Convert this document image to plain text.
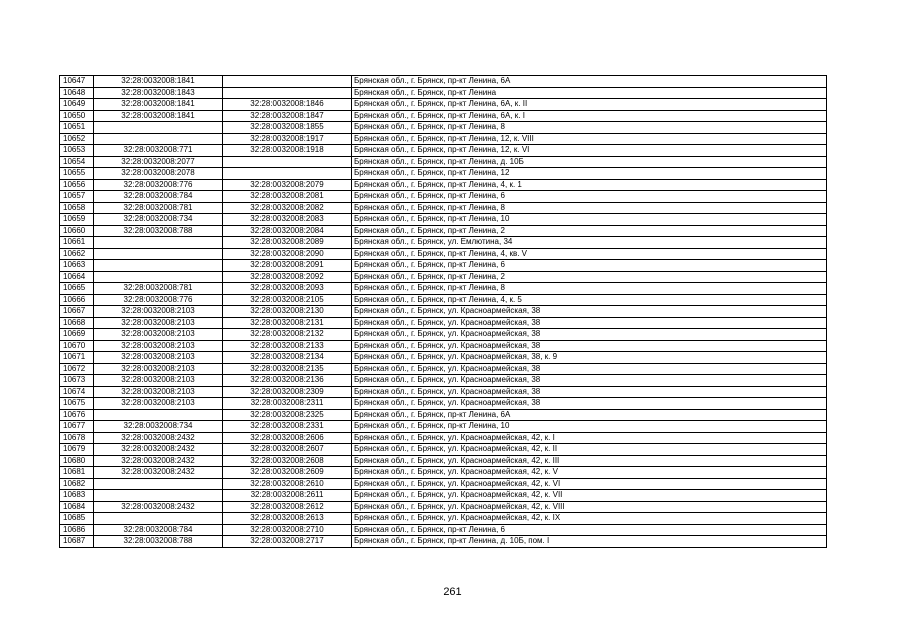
10647	32:28:0032008:1841		Брянская обл., г. Брянск, пр-кт Ленина, 6А
10648	32:28:0032008:1843		Брянская обл., г. Брянск, пр-кт Ленина
10649	32:28:0032008:1841	32:28:0032008:1846	Брянская обл., г. Брянск, пр-кт Ленина, 6А, к. II
10650	32:28:0032008:1841	32:28:0032008:1847	Брянская обл., г. Брянск, пр-кт Ленина, 6А, к. I
10651		32:28:0032008:1855	Брянская обл., г. Брянск, пр-кт Ленина, 8
10652		32:28:0032008:1917	Брянская обл., г. Брянск, пр-кт Ленина, 12, к. VIII
10653	32:28:0032008:771	32:28:0032008:1918	Брянская обл., г. Брянск, пр-кт Ленина, 12, к. VI
10654	32:28:0032008:2077		Брянская обл., г. Брянск, пр-кт Ленина, д. 10Б
10655	32:28:0032008:2078		Брянская обл., г. Брянск, пр-кт Ленина, 12
10656	32:28:0032008:776	32:28:0032008:2079	Брянская обл., г. Брянск, пр-кт Ленина, 4, к. 1
10657	32:28:0032008:784	32:28:0032008:2081	Брянская обл., г. Брянск, пр-кт Ленина, 6
10658	32:28:0032008:781	32:28:0032008:2082	Брянская обл., г. Брянск, пр-кт Ленина, 8
10659	32:28:0032008:734	32:28:0032008:2083	Брянская обл., г. Брянск, пр-кт Ленина, 10
10660	32:28:0032008:788	32:28:0032008:2084	Брянская обл., г. Брянск, пр-кт Ленина, 2
10661		32:28:0032008:2089	Брянская обл., г. Брянск, ул. Емлютина, 34
10662		32:28:0032008:2090	Брянская обл., г. Брянск, пр-кт Ленина, 4, кв. V
10663		32:28:0032008:2091	Брянская обл., г. Брянск, пр-кт Ленина, 6
10664		32:28:0032008:2092	Брянская обл., г. Брянск, пр-кт Ленина, 2
10665	32:28:0032008:781	32:28:0032008:2093	Брянская обл., г. Брянск, пр-кт Ленина, 8
10666	32:28:0032008:776	32:28:0032008:2105	Брянская обл., г. Брянск, пр-кт Ленина, 4, к. 5
10667	32:28:0032008:2103	32:28:0032008:2130	Брянская обл., г. Брянск, ул. Красноармейская, 38
10668	32:28:0032008:2103	32:28:0032008:2131	Брянская обл., г. Брянск, ул. Красноармейская, 38
10669	32:28:0032008:2103	32:28:0032008:2132	Брянская обл., г. Брянск, ул. Красноармейская, 38
10670	32:28:0032008:2103	32:28:0032008:2133	Брянская обл., г. Брянск, ул. Красноармейская, 38
10671	32:28:0032008:2103	32:28:0032008:2134	Брянская обл., г. Брянск, ул. Красноармейская, 38, к. 9
10672	32:28:0032008:2103	32:28:0032008:2135	Брянская обл., г. Брянск, ул. Красноармейская, 38
10673	32:28:0032008:2103	32:28:0032008:2136	Брянская обл., г. Брянск, ул. Красноармейская, 38
10674	32:28:0032008:2103	32:28:0032008:2309	Брянская обл., г. Брянск, ул. Красноармейская, 38
10675	32:28:0032008:2103	32:28:0032008:2311	Брянская обл., г. Брянск, ул. Красноармейская, 38
10676		32:28:0032008:2325	Брянская обл., г. Брянск, пр-кт Ленина, 6А
10677	32:28:0032008:734	32:28:0032008:2331	Брянская обл., г. Брянск, пр-кт Ленина, 10
10678	32:28:0032008:2432	32:28:0032008:2606	Брянская обл., г. Брянск, ул. Красноармейская, 42, к. I
10679	32:28:0032008:2432	32:28:0032008:2607	Брянская обл., г. Брянск, ул. Красноармейская, 42, к. II
10680	32:28:0032008:2432	32:28:0032008:2608	Брянская обл., г. Брянск, ул. Красноармейская, 42, к. III
10681	32:28:0032008:2432	32:28:0032008:2609	Брянская обл., г. Брянск, ул. Красноармейская, 42, к. V
10682		32:28:0032008:2610	Брянская обл., г. Брянск, ул. Красноармейская, 42, к. VI
10683		32:28:0032008:2611	Брянская обл., г. Брянск, ул. Красноармейская, 42, к. VII
10684	32:28:0032008:2432	32:28:0032008:2612	Брянская обл., г. Брянск, ул. Красноармейская, 42, к. VIII
10685		32:28:0032008:2613	Брянская обл., г. Брянск, ул. Красноармейская, 42, к. IX
10686	32:28:0032008:784	32:28:0032008:2710	Брянская обл., г. Брянск, пр-кт Ленина, 6
10687	32:28:0032008:788	32:28:0032008:2717	Брянская обл., г. Брянск, пр-кт Ленина, д. 10Б, пом. I
261
